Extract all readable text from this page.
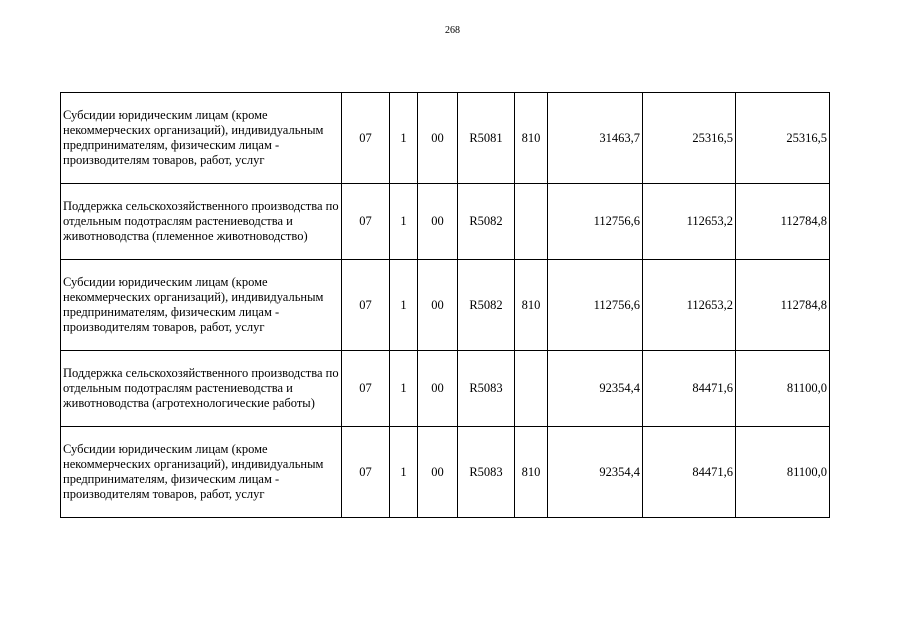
268
Субсидии юридическим лицам (кроме некоммерческих организаций), индивидуальным предпринимателям, физическим лицам - производителям товаров, работ, услуг	07	1	00	R5081	810	31463,7	25316,5	25316,5
Поддержка сельскохозяйственного производства по отдельным подотраслям растениеводства и животноводства (племенное животноводство)	07	1	00	R5082		112756,6	112653,2	112784,8
Субсидии юридическим лицам (кроме некоммерческих организаций), индивидуальным предпринимателям, физическим лицам - производителям товаров, работ, услуг	07	1	00	R5082	810	112756,6	112653,2	112784,8
Поддержка сельскохозяйственного производства по отдельным подотраслям растениеводства и животноводства (агротехнологические работы)	07	1	00	R5083		92354,4	84471,6	81100,0
Субсидии юридическим лицам (кроме некоммерческих организаций), индивидуальным предпринимателям, физическим лицам - производителям товаров, работ, услуг	07	1	00	R5083	810	92354,4	84471,6	81100,0
